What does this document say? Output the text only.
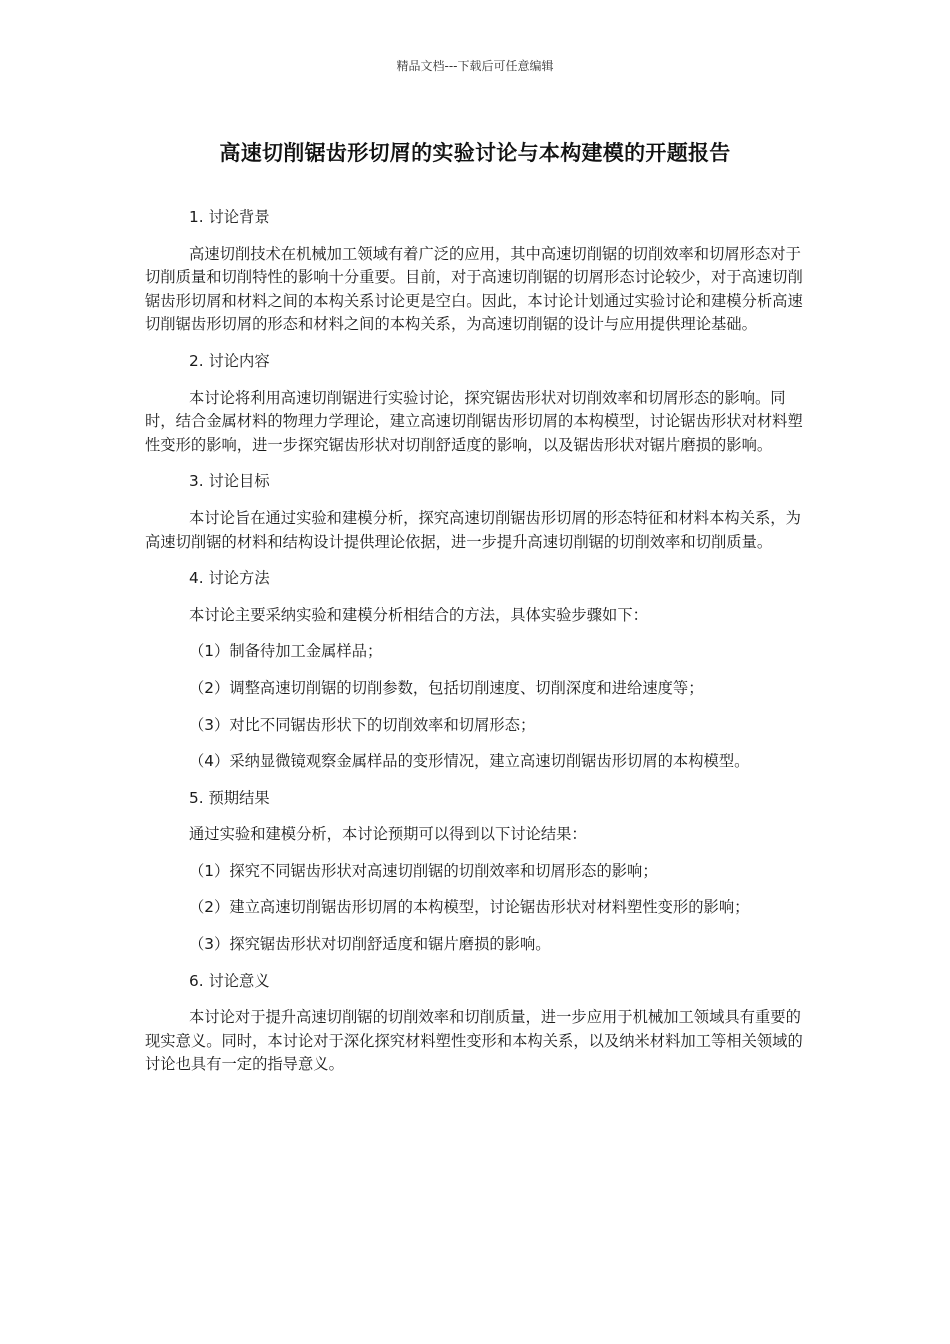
精品文档---下载后可任意编辑
高速切削锯齿形切屑的实验讨论与本构建模的开题报告

1. 讨论背景

高速切削技术在机械加工领域有着广泛的应用，其中高速切削锯的切削效率和切屑形态对于切削质量和切削特性的影响十分重要。目前，对于高速切削锯的切屑形态讨论较少，对于高速切削锯齿形切屑和材料之间的本构关系讨论更是空白。因此，本讨论计划通过实验讨论和建模分析高速切削锯齿形切屑的形态和材料之间的本构关系，为高速切削锯的设计与应用提供理论基础。

2. 讨论内容

本讨论将利用高速切削锯进行实验讨论，探究锯齿形状对切削效率和切屑形态的影响。同时，结合金属材料的物理力学理论，建立高速切削锯齿形切屑的本构模型，讨论锯齿形状对材料塑性变形的影响，进一步探究锯齿形状对切削舒适度的影响，以及锯齿形状对锯片磨损的影响。

3. 讨论目标

本讨论旨在通过实验和建模分析，探究高速切削锯齿形切屑的形态特征和材料本构关系，为高速切削锯的材料和结构设计提供理论依据，进一步提升高速切削锯的切削效率和切削质量。

4. 讨论方法

本讨论主要采纳实验和建模分析相结合的方法，具体实验步骤如下：

（1）制备待加工金属样品；

（2）调整高速切削锯的切削参数，包括切削速度、切削深度和进给速度等；

（3）对比不同锯齿形状下的切削效率和切屑形态；

（4）采纳显微镜观察金属样品的变形情况，建立高速切削锯齿形切屑的本构模型。

5. 预期结果

通过实验和建模分析，本讨论预期可以得到以下讨论结果：

（1）探究不同锯齿形状对高速切削锯的切削效率和切屑形态的影响；

（2）建立高速切削锯齿形切屑的本构模型，讨论锯齿形状对材料塑性变形的影响；

（3）探究锯齿形状对切削舒适度和锯片磨损的影响。

6. 讨论意义

本讨论对于提升高速切削锯的切削效率和切削质量，进一步应用于机械加工领域具有重要的现实意义。同时，本讨论对于深化探究材料塑性变形和本构关系，以及纳米材料加工等相关领域的讨论也具有一定的指导意义。
